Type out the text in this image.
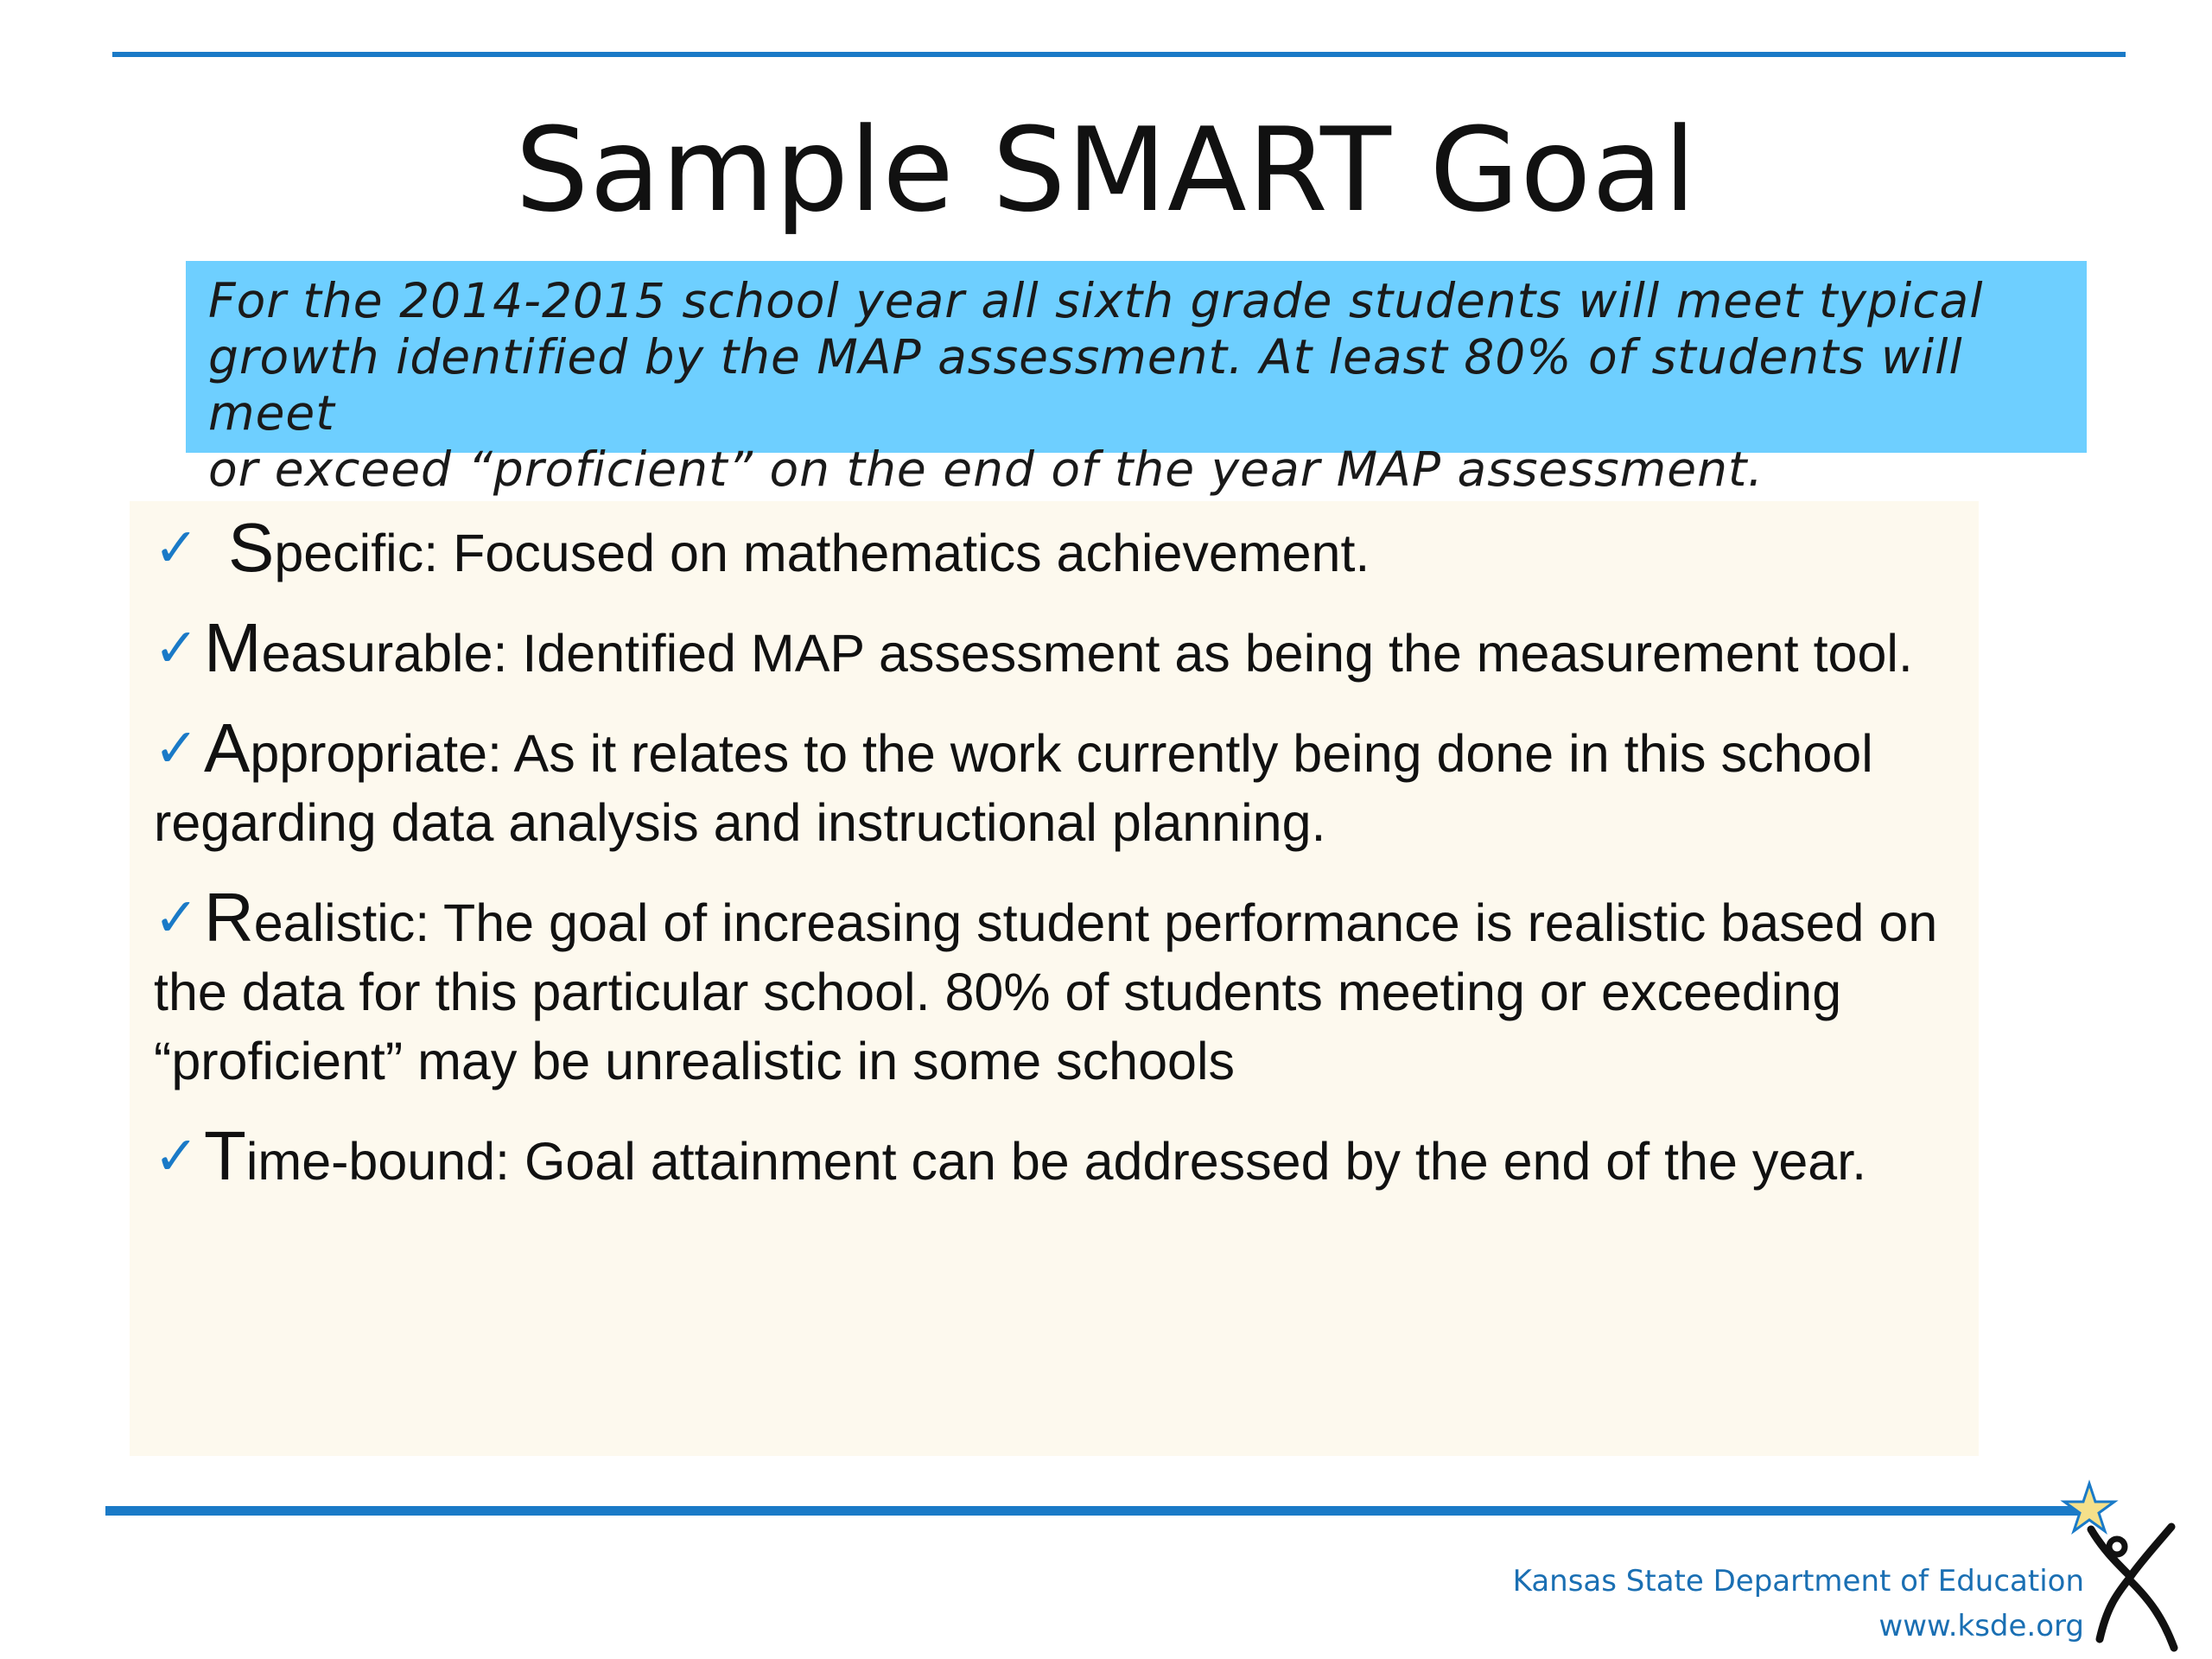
Sample SMART Goal

For the 2014-2015 school year all sixth grade students will meet typical
growth identified by the MAP assessment. At least 80% of students will meet
or exceed “proficient” on the end of the year MAP assessment.

✓ Specific: Focused on mathematics achievement.

✓Measurable: Identified MAP assessment as being the measurement tool.

✓Appropriate: As it relates to the work currently being done in this school regarding data analysis and instructional planning.

✓Realistic: The goal of increasing student performance is realistic based on the data for this particular school. 80% of students meeting or exceeding “proficient” may be unrealistic in some schools

✓Time-bound: Goal attainment can be addressed by the end of the year.

Kansas State Department of Education
www.ksde.org
